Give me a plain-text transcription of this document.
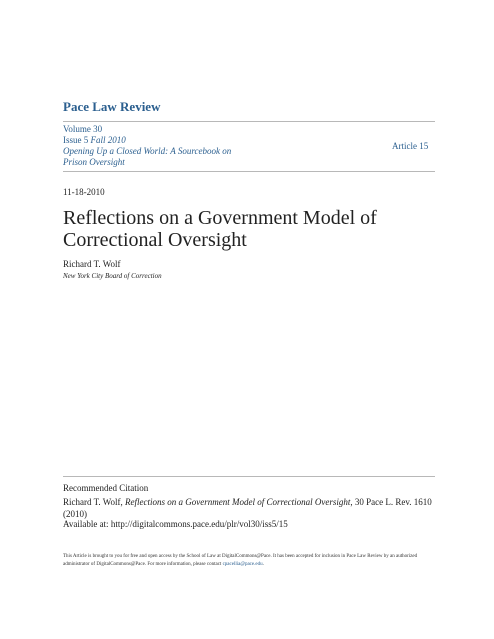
Pace Law Review
Volume 30
Issue 5 Fall 2010
Opening Up a Closed World: A Sourcebook on
Prison Oversight
Article 15
11-18-2010
Reflections on a Government Model of Correctional Oversight
Richard T. Wolf
New York City Board of Correction
Recommended Citation
Richard T. Wolf, Reflections on a Government Model of Correctional Oversight, 30 Pace L. Rev. 1610 (2010)
Available at: http://digitalcommons.pace.edu/plr/vol30/iss5/15
This Article is brought to you for free and open access by the School of Law at DigitalCommons@Pace. It has been accepted for inclusion in Pace Law Review by an authorized administrator of DigitalCommons@Pace. For more information, please contact cpacellia@pace.edu.
